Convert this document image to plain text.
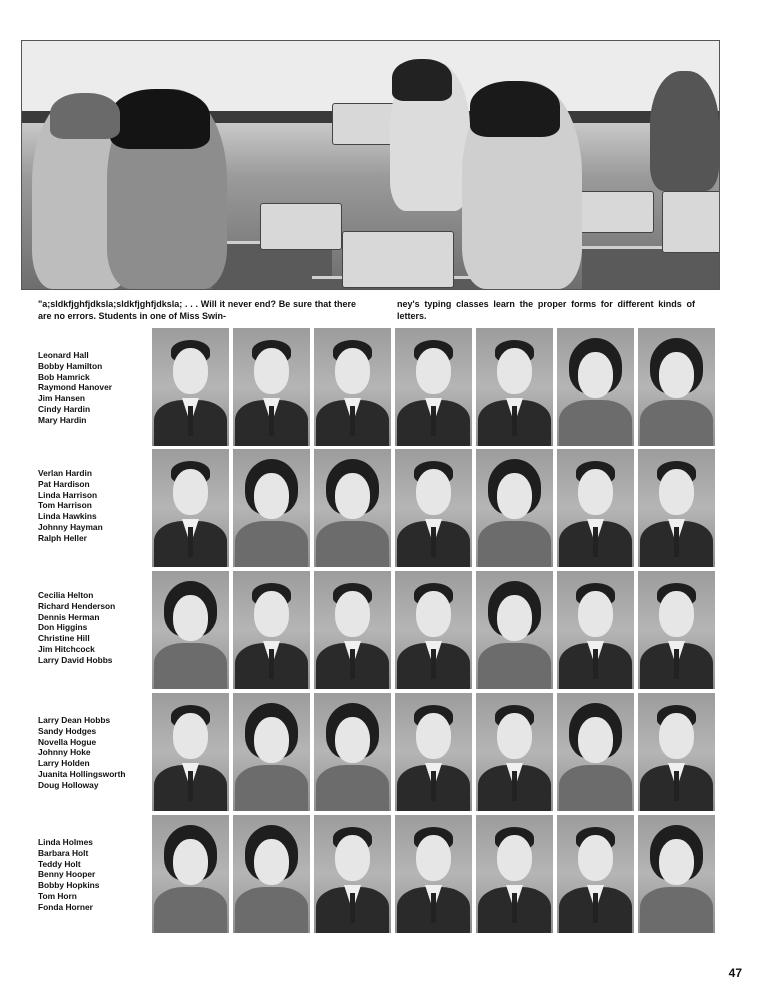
"a;sldkfjghfjdksla;sldkfjghfjdksla; . . . Will it never end? Be sure that there are no errors. Students in one of Miss Swin-
ney's typing classes learn the proper forms for different kinds of letters.
Leonard Hall
Bobby Hamilton
Bob Hamrick
Raymond Hanover
Jim Hansen
Cindy Hardin
Mary Hardin
Verlan Hardin
Pat Hardison
Linda Harrison
Tom Harrison
Linda Hawkins
Johnny Hayman
Ralph Heller
Cecilia Helton
Richard Henderson
Dennis Herman
Don Higgins
Christine Hill
Jim Hitchcock
Larry David Hobbs
Larry Dean Hobbs
Sandy Hodges
Novella Hogue
Johnny Hoke
Larry Holden
Juanita Hollingsworth
Doug Holloway
Linda Holmes
Barbara Holt
Teddy Holt
Benny Hooper
Bobby Hopkins
Tom Horn
Fonda Horner
47
